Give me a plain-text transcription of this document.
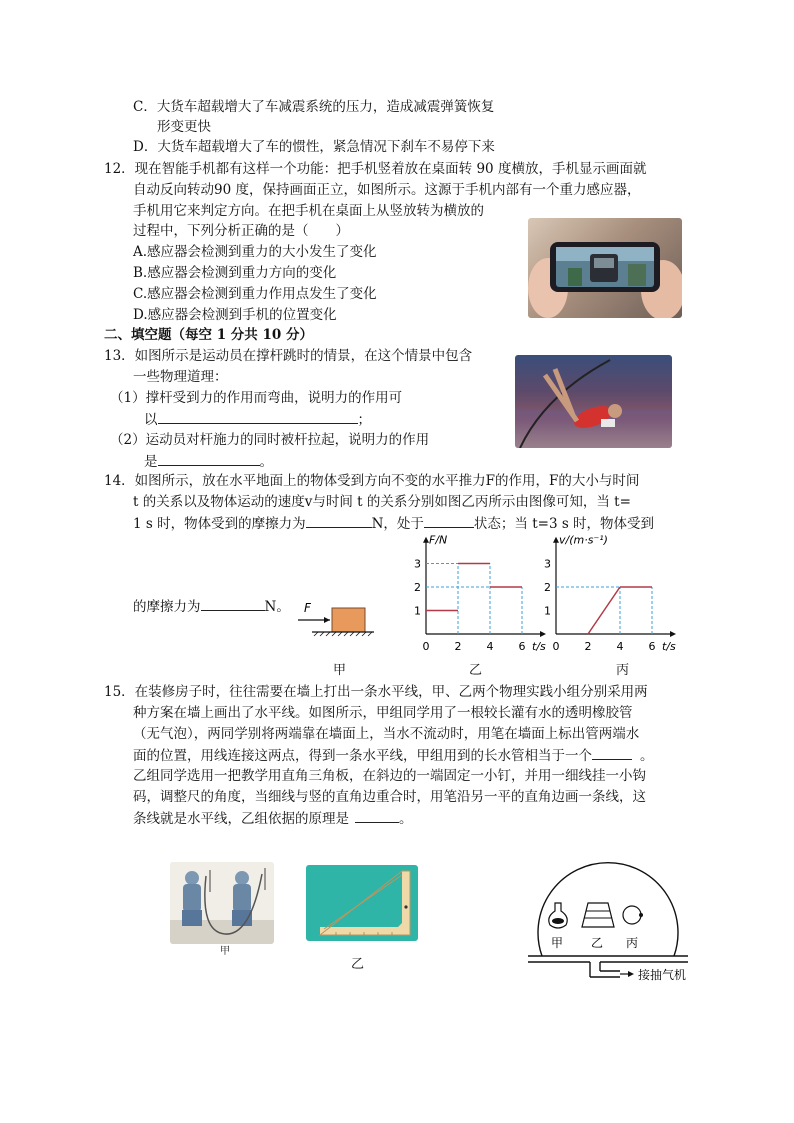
C．大货车超载增大了车减震系统的压力，造成减震弹簧恢复
形变更快
D．大货车超载增大了车的惯性，紧急情况下刹车不易停下来
12．现在智能手机都有这样一个功能：把手机竖着放在桌面转 90 度横放，手机显示画面就
自动反向转动90 度，保持画面正立，如图所示。这源于手机内部有一个重力感应器，
手机用它来判定方向。在把手机在桌面上从竖放转为横放的
过程中，下列分析正确的是（　　）
A.感应器会检测到重力的大小发生了变化
B.感应器会检测到重力方向的变化
C.感应器会检测到重力作用点发生了变化
D.感应器会检测到手机的位置变化
二、填空题（每空 1 分共 10 分）
13．如图所示是运动员在撑杆跳时的情景，在这个情景中包含
一些物理道理：
（1）撑杆受到力的作用而弯曲，说明力的作用可
以	；
（2）运动员对杆施力的同时被杆拉起，说明力的作用
是	。
14．如图所示，放在水平地面上的物体受到方向不变的水平推力F的作用，F的大小与时间
t 的关系以及物体运动的速度v与时间 t 的关系分别如图乙丙所示由图像可知，当 t=
1 s 时，物体受到的摩擦力为	N，处于	状态；当 t=3 s 时，物体受到
的摩擦力为	N。 F
F/N
t/s
0 2 4 6
1
2
3
v/(m·s⁻¹)
t/s
0 2 4 6
1
2
3
甲	乙	丙
15．在装修房子时，往往需要在墙上打出一条水平线，甲、乙两个物理实践小组分别采用两
种方案在墙上画出了水平线。如图所示，甲组同学用了一根较长灌有水的透明橡胶管
（无气泡），两同学别将两端靠在墙面上，当水不流动时，用笔在墙面上标出管两端水
面的位置，用线连接这两点，得到一条水平线，甲组用到的长水管相当于一个	。
乙组同学选用一把教学用直角三角板，在斜边的一端固定一小钉，并用一细线挂一小钩
码，调整尺的角度，当细线与竖的直角边重合时，用笔沿另一平的直角边画一条线，这
条线就是水平线，乙组依据的原理是	。
甲
乙
接抽气机
甲 乙 丙
